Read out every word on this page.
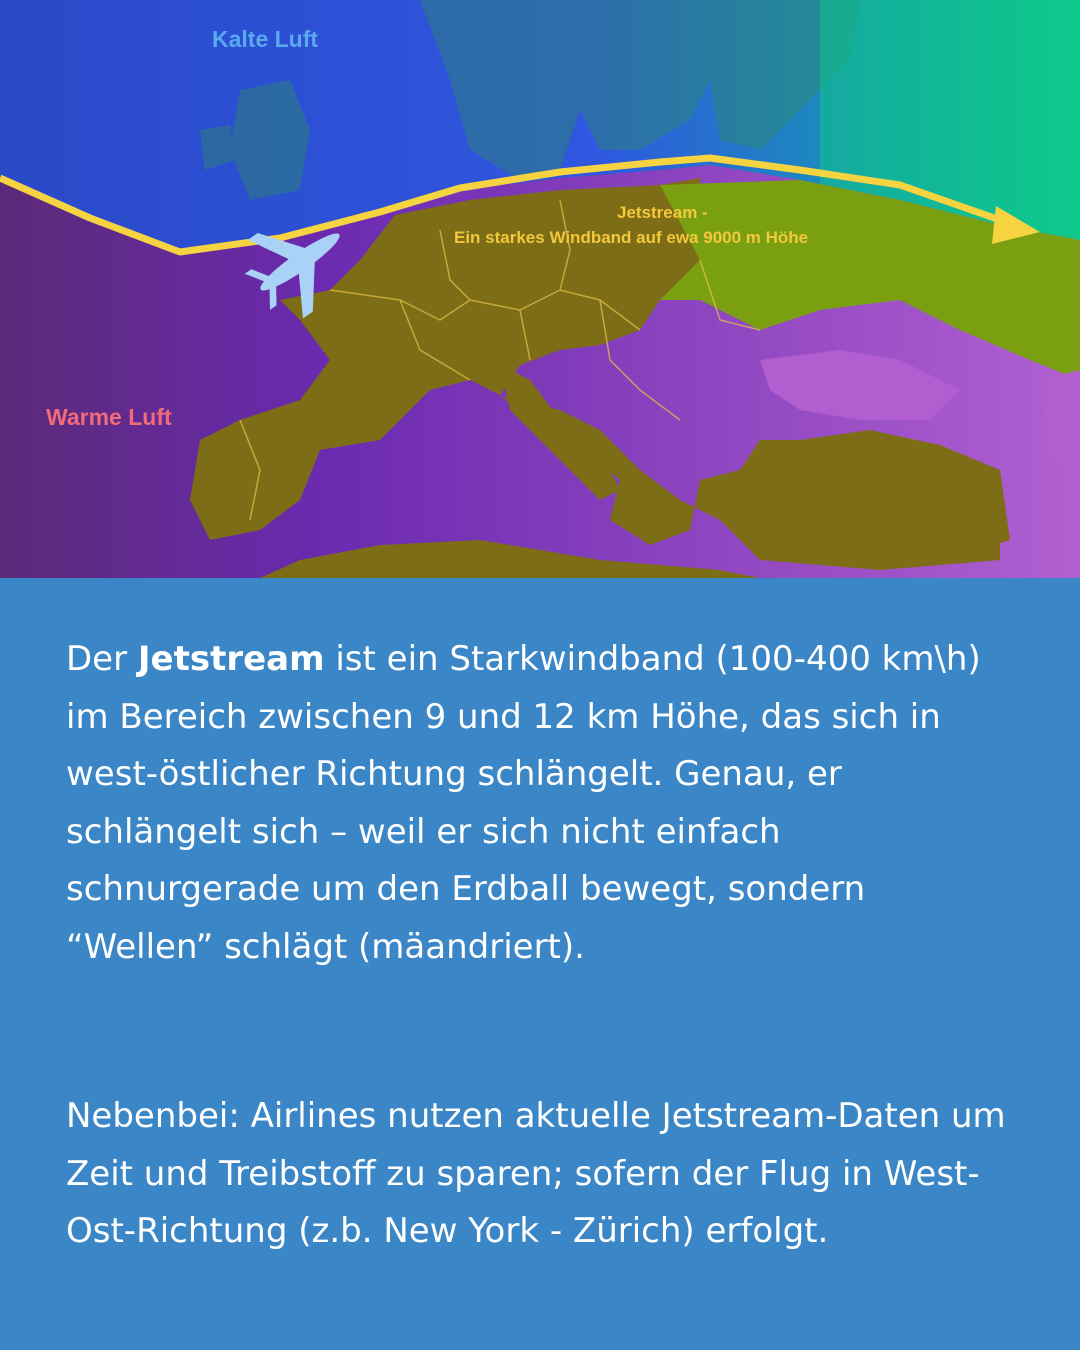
Kalte Luft
Warme Luft
Jetstream -
Ein starkes Windband auf ewa 9000 m Höhe

Der Jetstream ist ein Starkwindband (100-400 km\h) im Bereich zwischen 9 und 12 km Höhe, das sich in west-östlicher Richtung schlängelt. Genau, er schlängelt sich – weil er sich nicht einfach schnurgerade um den Erdball bewegt, sondern “Wellen” schlägt (mäandriert).

Nebenbei: Airlines nutzen aktuelle Jetstream-Daten um Zeit und Treibstoff zu sparen; sofern der Flug in West-Ost-Richtung (z.b. New York - Zürich) erfolgt.
